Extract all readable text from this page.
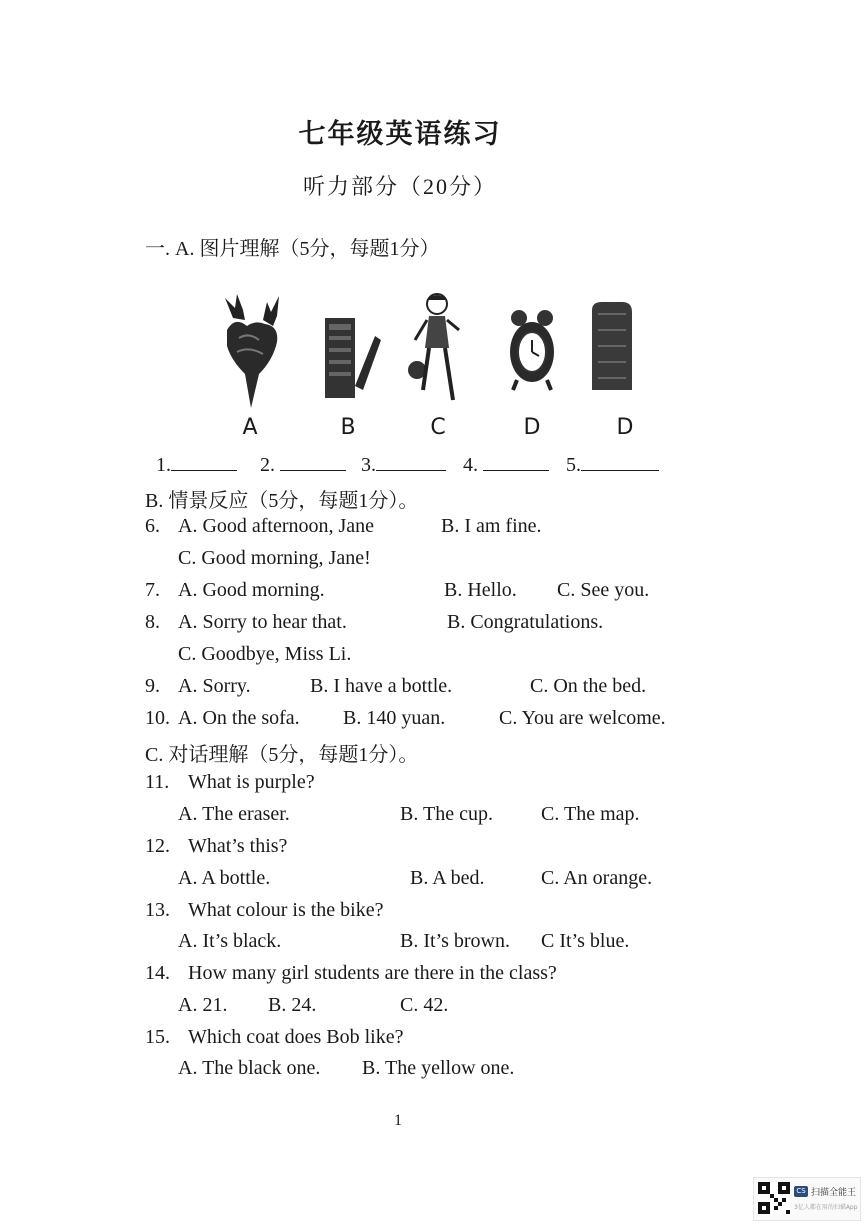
七年级英语练习
听力部分（20分）
一. A. 图片理解（5分，每题1分）
A	B	C	D	D
1.	2.	3.	4.	5.
B. 情景反应（5分，每题1分）。
6. A. Good afternoon, Jane	B. I am fine.
C. Good morning, Jane!
7. A. Good morning.	B. Hello. C. See you.
8. A. Sorry to hear that.	B. Congratulations.
C. Goodbye, Miss Li.
9. A. Sorry.	B. I have a bottle.	C. On the bed.
10. A. On the sofa. B. 140 yuan.	C. You are welcome.
C. 对话理解（5分，每题1分）。
11. What is purple?
A. The eraser.	B. The cup. C. The map.
12. What’s this?
A. A bottle.	B. A bed.	C. An orange.
13. What colour is the bike?
A. It’s black.	B. It’s brown. C It’s blue.
14. How many girl students are there in the class?
A. 21. B. 24.	C. 42.
15. Which coat does Bob like?
A. The black one. B. The yellow one.
1
CS 扫描全能王
3亿人都在用的扫描App
